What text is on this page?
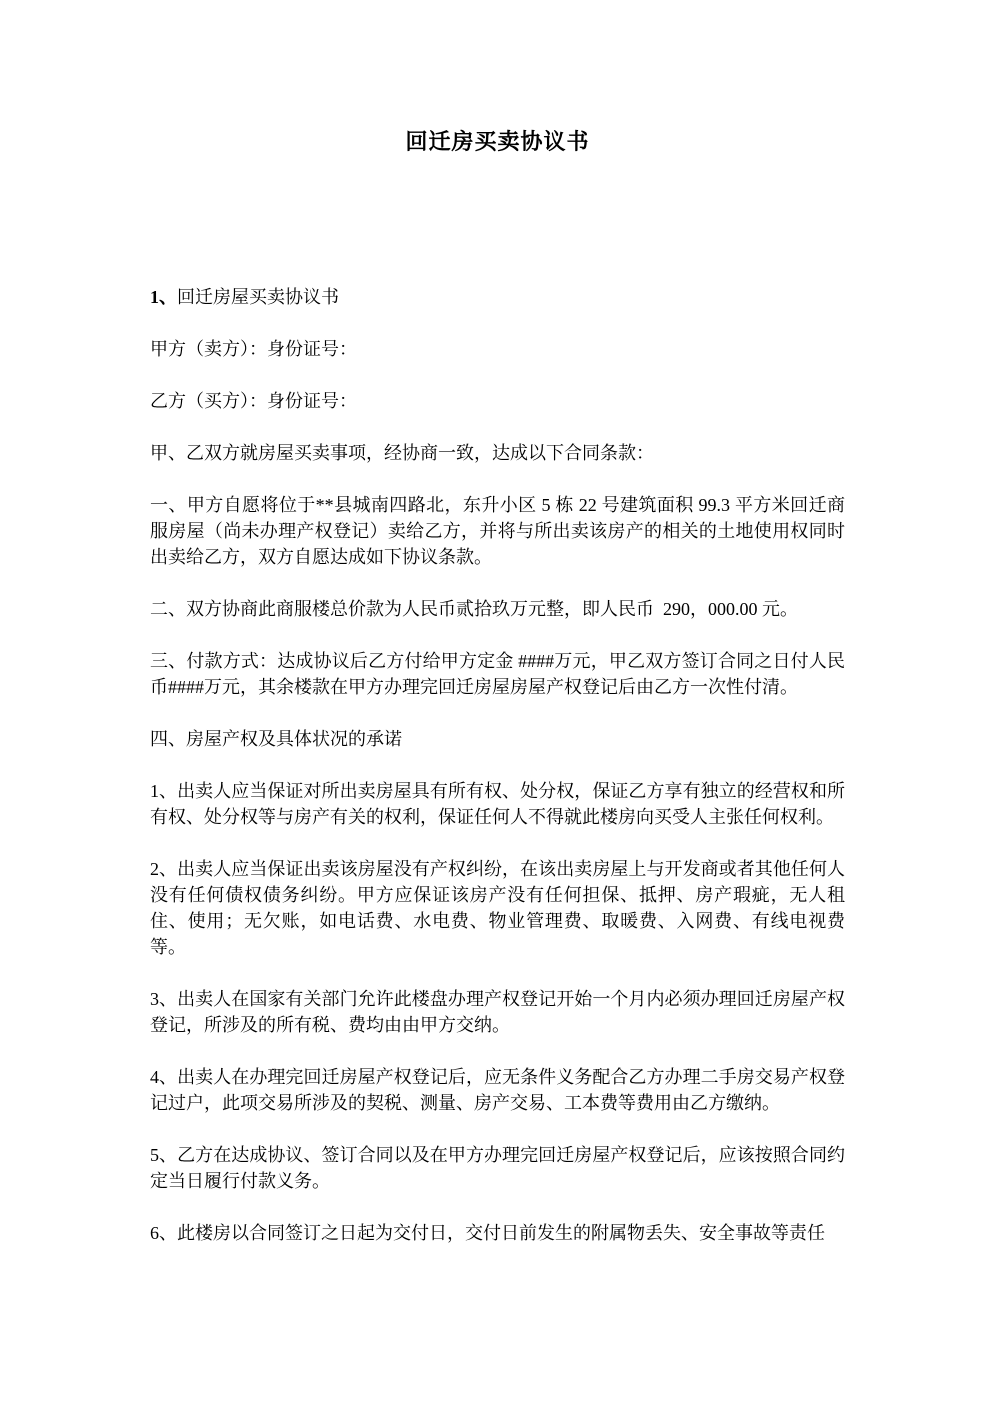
回迁房买卖协议书

1、回迁房屋买卖协议书

甲方（卖方）：身份证号：

乙方（买方）：身份证号：

甲、乙双方就房屋买卖事项，经协商一致，达成以下合同条款：

一、甲方自愿将位于**县城南四路北，东升小区 5 栋 22 号建筑面积 99.3 平方米回迁商服房屋（尚未办理产权登记）卖给乙方，并将与所出卖该房产的相关的土地使用权同时出卖给乙方，双方自愿达成如下协议条款。

二、双方协商此商服楼总价款为人民币贰拾玖万元整，即人民币  290，000.00 元。

三、付款方式：达成协议后乙方付给甲方定金 ####万元，甲乙双方签订合同之日付人民币####万元，其余楼款在甲方办理完回迁房屋房屋产权登记后由乙方一次性付清。

四、房屋产权及具体状况的承诺

1、出卖人应当保证对所出卖房屋具有所有权、处分权，保证乙方享有独立的经营权和所有权、处分权等与房产有关的权利，保证任何人不得就此楼房向买受人主张任何权利。

2、出卖人应当保证出卖该房屋没有产权纠纷，在该出卖房屋上与开发商或者其他任何人没有任何债权债务纠纷。甲方应保证该房产没有任何担保、抵押、房产瑕疵，无人租住、使用；无欠账，如电话费、水电费、物业管理费、取暖费、入网费、有线电视费等。

3、出卖人在国家有关部门允许此楼盘办理产权登记开始一个月内必须办理回迁房屋产权登记，所涉及的所有税、费均由由甲方交纳。

4、出卖人在办理完回迁房屋产权登记后，应无条件义务配合乙方办理二手房交易产权登记过户，此项交易所涉及的契税、测量、房产交易、工本费等费用由乙方缴纳。

5、乙方在达成协议、签订合同以及在甲方办理完回迁房屋产权登记后，应该按照合同约定当日履行付款义务。

6、此楼房以合同签订之日起为交付日，交付日前发生的附属物丢失、安全事故等责任
